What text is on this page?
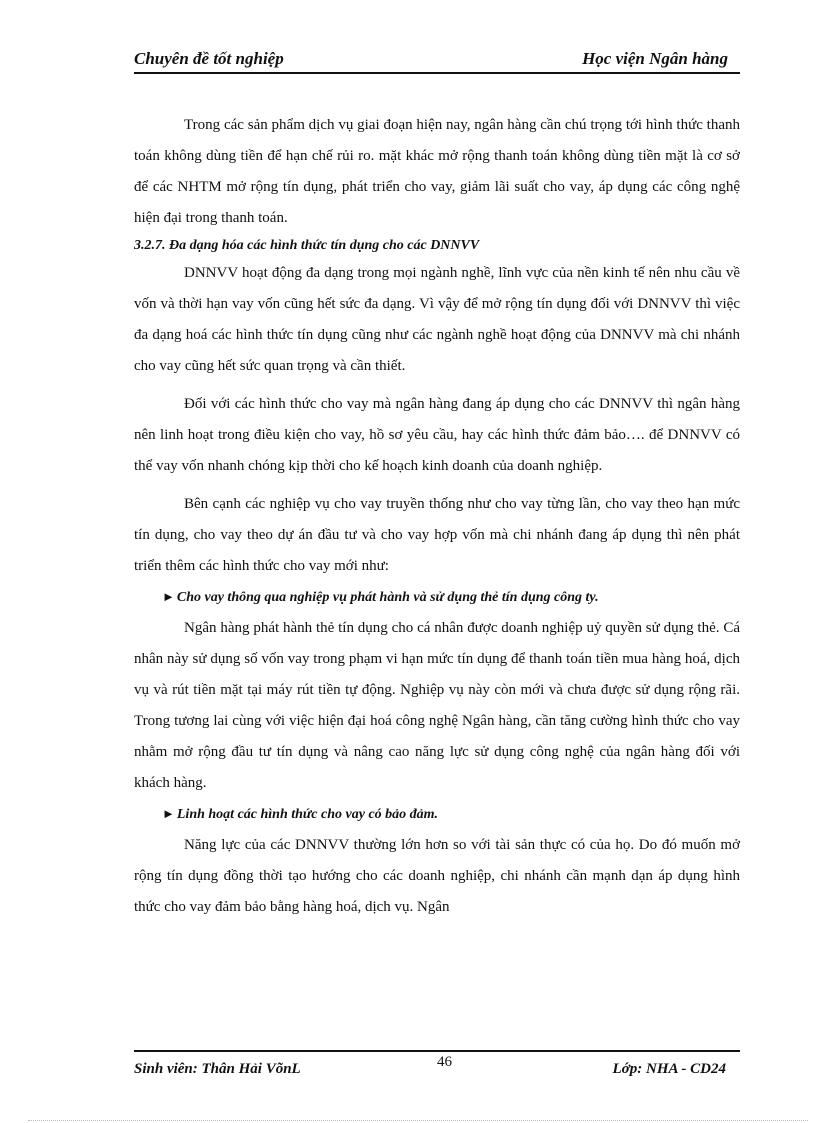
Chuyên đề tốt nghiệp	Học viện Ngân hàng

Trong các sản phẩm dịch vụ giai đoạn hiện nay, ngân hàng cần chú trọng tới hình thức thanh toán không dùng tiền để hạn chế rủi ro. mặt khác mở rộng thanh toán không dùng tiền mặt là cơ sở để các NHTM mở rộng tín dụng, phát triển cho vay, giảm lãi suất cho vay, áp dụng các công nghệ hiện đại trong thanh toán.

3.2.7. Đa dạng hóa các hình thức tín dụng cho các DNNVV

DNNVV hoạt động đa dạng trong mọi ngành nghề, lĩnh vực của nền kinh tế nên nhu cầu về vốn và thời hạn vay vốn cũng hết sức đa dạng. Vì vậy để mở rộng tín dụng đối với DNNVV thì việc đa dạng hoá các hình thức tín dụng cũng như các ngành nghề hoạt động của DNNVV mà chi nhánh cho vay cũng hết sức quan trọng và cần thiết.

Đối với các hình thức cho vay mà ngân hàng đang áp dụng cho các DNNVV thì ngân hàng nên linh hoạt trong điều kiện cho vay, hồ sơ yêu cầu, hay các hình thức đảm bảo…. để DNNVV có thể vay vốn nhanh chóng kịp thời cho kế hoạch kinh doanh của doanh nghiệp.

Bên cạnh các nghiệp vụ cho vay truyền thống như cho vay từng lần, cho vay theo hạn mức tín dụng, cho vay theo dự án đầu tư và cho vay hợp vốn mà chi nhánh đang áp dụng thì nên phát triển thêm các hình thức cho vay mới như:

► Cho vay thông qua nghiệp vụ phát hành và sử dụng thẻ tín dụng công ty.

Ngân hàng phát hành thẻ tín dụng cho cá nhân được doanh nghiệp uỷ quyền sử dụng thẻ. Cá nhân này sử dụng số vốn vay trong phạm vi hạn mức tín dụng để thanh toán tiền mua hàng hoá, dịch vụ và rút tiền mặt tại máy rút tiền tự động. Nghiệp vụ này còn mới và chưa được sử dụng rộng rãi. Trong tương lai cùng với việc hiện đại hoá công nghệ Ngân hàng, cần tăng cường hình thức cho vay nhằm mở rộng đầu tư tín dụng và nâng cao năng lực sử dụng công nghệ của ngân hàng đối với khách hàng.

► Linh hoạt các hình thức cho vay có bảo đảm.

Năng lực của các DNNVV thường lớn hơn so với tài sản thực có của họ. Do đó muốn mở rộng tín dụng đồng thời tạo hướng cho các doanh nghiệp, chi nhánh cần mạnh dạn áp dụng hình thức cho vay đảm bảo bằng hàng hoá, dịch vụ. Ngân

Sinh viên: Thân Hải VõnL	Lớp: NHA - CD24
46
